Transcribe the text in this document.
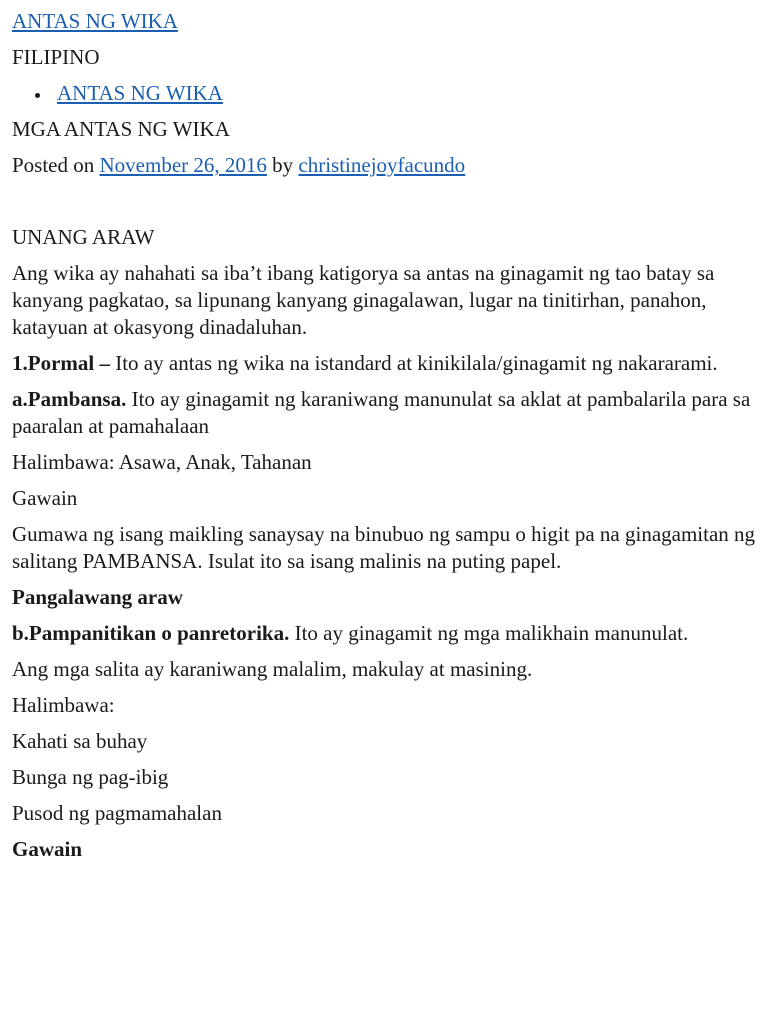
ANTAS NG WIKA

FILIPINO

ANTAS NG WIKA

MGA ANTAS NG WIKA

Posted on November 26, 2016 by christinejoyfacundo

UNANG ARAW

Ang wika ay nahahati sa iba’t ibang katigorya sa antas na ginagamit ng tao batay sa kanyang pagkatao, sa lipunang kanyang ginagalawan, lugar na tinitirhan, panahon, katayuan at okasyong dinadaluhan.

1.Pormal – Ito ay antas ng wika na istandard at kinikilala/ginagamit ng nakararami.

a.Pambansa. Ito ay ginagamit ng karaniwang manunulat sa aklat at pambalarila para sa paaralan at pamahalaan

Halimbawa: Asawa, Anak, Tahanan

Gawain

Gumawa ng isang maikling sanaysay na binubuo ng sampu o higit pa na ginagamitan ng salitang PAMBANSA. Isulat ito sa isang malinis na puting papel.

Pangalawang araw

b.Pampanitikan o panretorika. Ito ay ginagamit ng mga malikhain manunulat.

Ang mga salita ay karaniwang malalim, makulay at masining.

Halimbawa:

Kahati sa buhay

Bunga ng pag-ibig

Pusod ng pagmamahalan

Gawain
